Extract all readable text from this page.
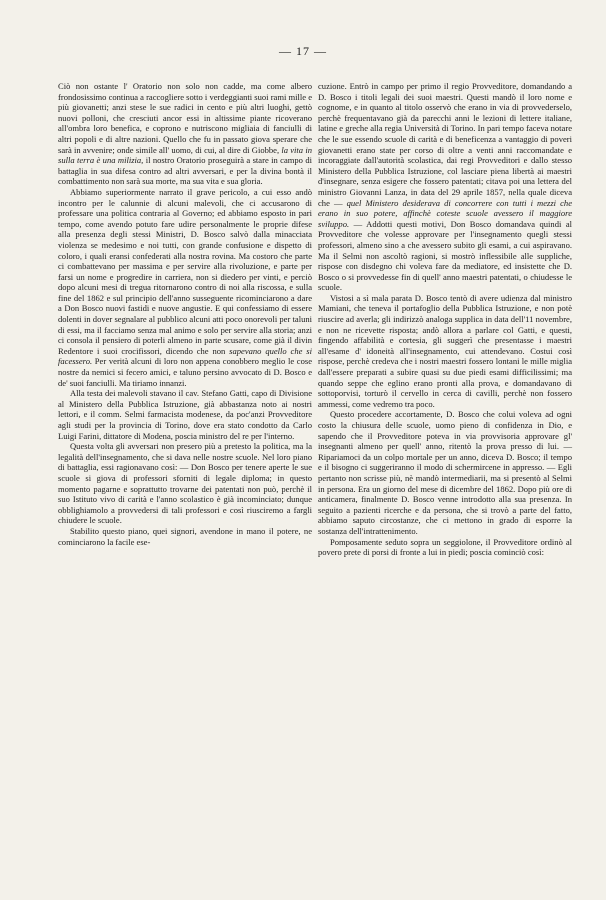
— 17 —

Ciò non ostante l' Oratorio non solo non cadde, ma come albero frondosissimo continua a raccogliere sotto i verdeggianti suoi rami mille e più giovanetti; anzi stese le sue radici in cento e più altri luoghi, gettò nuovi polloni, che cresciuti ancor essi in altissime piante ricoverano all'ombra loro benefica, e coprono e nutriscono migliaia di fanciulli di altri popoli e di altre nazioni. Quello che fu in passato giova sperare che sarà in avvenire; onde simile all' uomo, di cui, al dire di Giobbe, la vita in sulla terra è una milizia, il nostro Oratorio proseguirà a stare in campo di battaglia in sua difesa contro ad altri avversari, e per la divina bontà il combattimento non sarà sua morte, ma sua vita e sua gloria.

Abbiamo superiormente narrato il grave pericolo, a cui esso andò incontro per le calunnie di alcuni malevoli, che ci accusarono di professare una politica contraria al Governo; ed abbiamo esposto in pari tempo, come avendo potuto fare udire personalmente le proprie difese alla presenza degli stessi Ministri, D. Bosco salvò dalla minacciata violenza se medesimo e noi tutti, con grande confusione e dispetto di coloro, i quali eransi confederati alla nostra rovina. Ma costoro che parte ci combattevano per massima e per servire alla rivoluzione, e parte per farsi un nome e progredire in carriera, non si diedero per vinti, e perciò dopo alcuni mesi di tregua ritornarono contro di noi alla riscossa, e sulla fine del 1862 e sul principio dell'anno susseguente ricominciarono a dare a Don Bosco nuovi fastidi e nuove angustie. E qui confessiamo di essere dolenti in dover segnalare al pubblico alcuni atti poco onorevoli per taluni di essi, ma il facciamo senza mal animo e solo per servire alla storia; anzi ci consola il pensiero di poterli almeno in parte scusare, come già il divin Redentore i suoi crocifissori, dicendo che non sapevano quello che si facessero. Per verità alcuni di loro non appena conobbero meglio le cose nostre da nemici si fecero amici, e taluno persino avvocato di D. Bosco e de' suoi fanciulli. Ma tiriamo innanzi.

Alla testa dei malevoli stavano il cav. Stefano Gatti, capo di Divisione al Ministero della Pubblica Istruzione, già abbastanza noto ai nostri lettori, e il comm. Selmi farmacista modenese, da poc'anzi Provveditore agli studi per la provincia di Torino, dove era stato condotto da Carlo Luigi Farini, dittatore di Modena, poscia ministro del re per l'interno.

Questa volta gli avversari non presero più a pretesto la politica, ma la legalità dell'insegnamento, che si dava nelle nostre scuole. Nel loro piano di battaglia, essi ragionavano così: — Don Bosco per tenere aperte le sue scuole si giova di professori sforniti di legale diploma; in questo momento pagarne e soprattutto trovarne dei patentati non può, perchè il suo Istituto vivo di carità e l'anno scolastico è già incominciato; dunque obblighiamolo a provvedersi di tali professori e così riusciremo a fargli chiudere le scuole.

Stabilito questo piano, quei signori, avendone in mano il potere, ne cominciarono la facile ese-

cuzione. Entrò in campo per primo il regio Provveditore, domandando a D. Bosco i titoli legali dei suoi maestri. Questi mandò il loro nome e cognome, e in quanto al titolo osservò che erano in via di provvederselo, perchè frequentavano già da parecchi anni le lezioni di lettere italiane, latine e greche alla regia Università di Torino. In pari tempo faceva notare che le sue essendo scuole di carità e di beneficenza a vantaggio di poveri giovanetti erano state per corso di oltre a venti anni raccomandate e incoraggiate dall'autorità scolastica, dai regi Provveditori e dallo stesso Ministero della Pubblica Istruzione, col lasciare piena libertà ai maestri d'insegnare, senza esigere che fossero patentati; citava poi una lettera del ministro Giovanni Lanza, in data del 29 aprile 1857, nella quale diceva che — quel Ministero desiderava di concorrere con tutti i mezzi che erano in suo potere, affinchè coteste scuole avessero il maggiore sviluppo. — Addotti questi motivi, Don Bosco domandava quindi al Provveditore che volesse approvare per l'insegnamento quegli stessi professori, almeno sino a che avessero subito gli esami, a cui aspiravano. Ma il Selmi non ascoltò ragioni, si mostrò inflessibile alle suppliche, rispose con disdegno chi voleva fare da mediatore, ed insistette che D. Bosco o si provvedesse fin di quell' anno maestri patentati, o chiudesse le scuole.

Vistosi a sì mala parata D. Bosco tentò di avere udienza dal ministro Mamiani, che teneva il portafoglio della Pubblica Istruzione, e non potè riuscire ad averla; gli indirizzò analoga supplica in data dell'11 novembre, e non ne ricevette risposta; andò allora a parlare col Gatti, e questi, fingendo affabilità e cortesia, gli suggerì che presentasse i maestri all'esame d' idoneità all'insegnamento, cui attendevano. Costui così rispose, perchè credeva che i nostri maestri fossero lontani le mille miglia dall'essere preparati a subire quasi su due piedi esami difficilissimi; ma quando seppe che eglino erano pronti alla prova, e domandavano di sottoporvisi, torturò il cervello in cerca di cavilli, perchè non fossero ammessi, come vedremo tra poco.

Questo procedere accortamente, D. Bosco che colui voleva ad ogni costo la chiusura delle scuole, uomo pieno di confidenza in Dio, e sapendo che il Provveditore poteva in via provvisoria approvare gl' insegnanti almeno per quell' anno, ritentò la prova presso di lui. — Ripariamoci da un colpo mortale per un anno, diceva D. Bosco; il tempo e il bisogno ci suggeriranno il modo di schermircene in appresso. — Egli pertanto non scrisse più, nè mandò intermediarii, ma si presentò al Selmi in persona. Era un giorno del mese di dicembre del 1862. Dopo più ore di anticamera, finalmente D. Bosco venne introdotto alla sua presenza. In seguito a pazienti ricerche e da persona, che si trovò a parte del fatto, abbiamo saputo circostanze, che ci mettono in grado di esporre la sostanza dell'intrattenimento.

Pomposamente seduto sopra un seggiolone, il Provveditore ordinò al povero prete di porsi di fronte a lui in piedi; poscia cominciò così:
